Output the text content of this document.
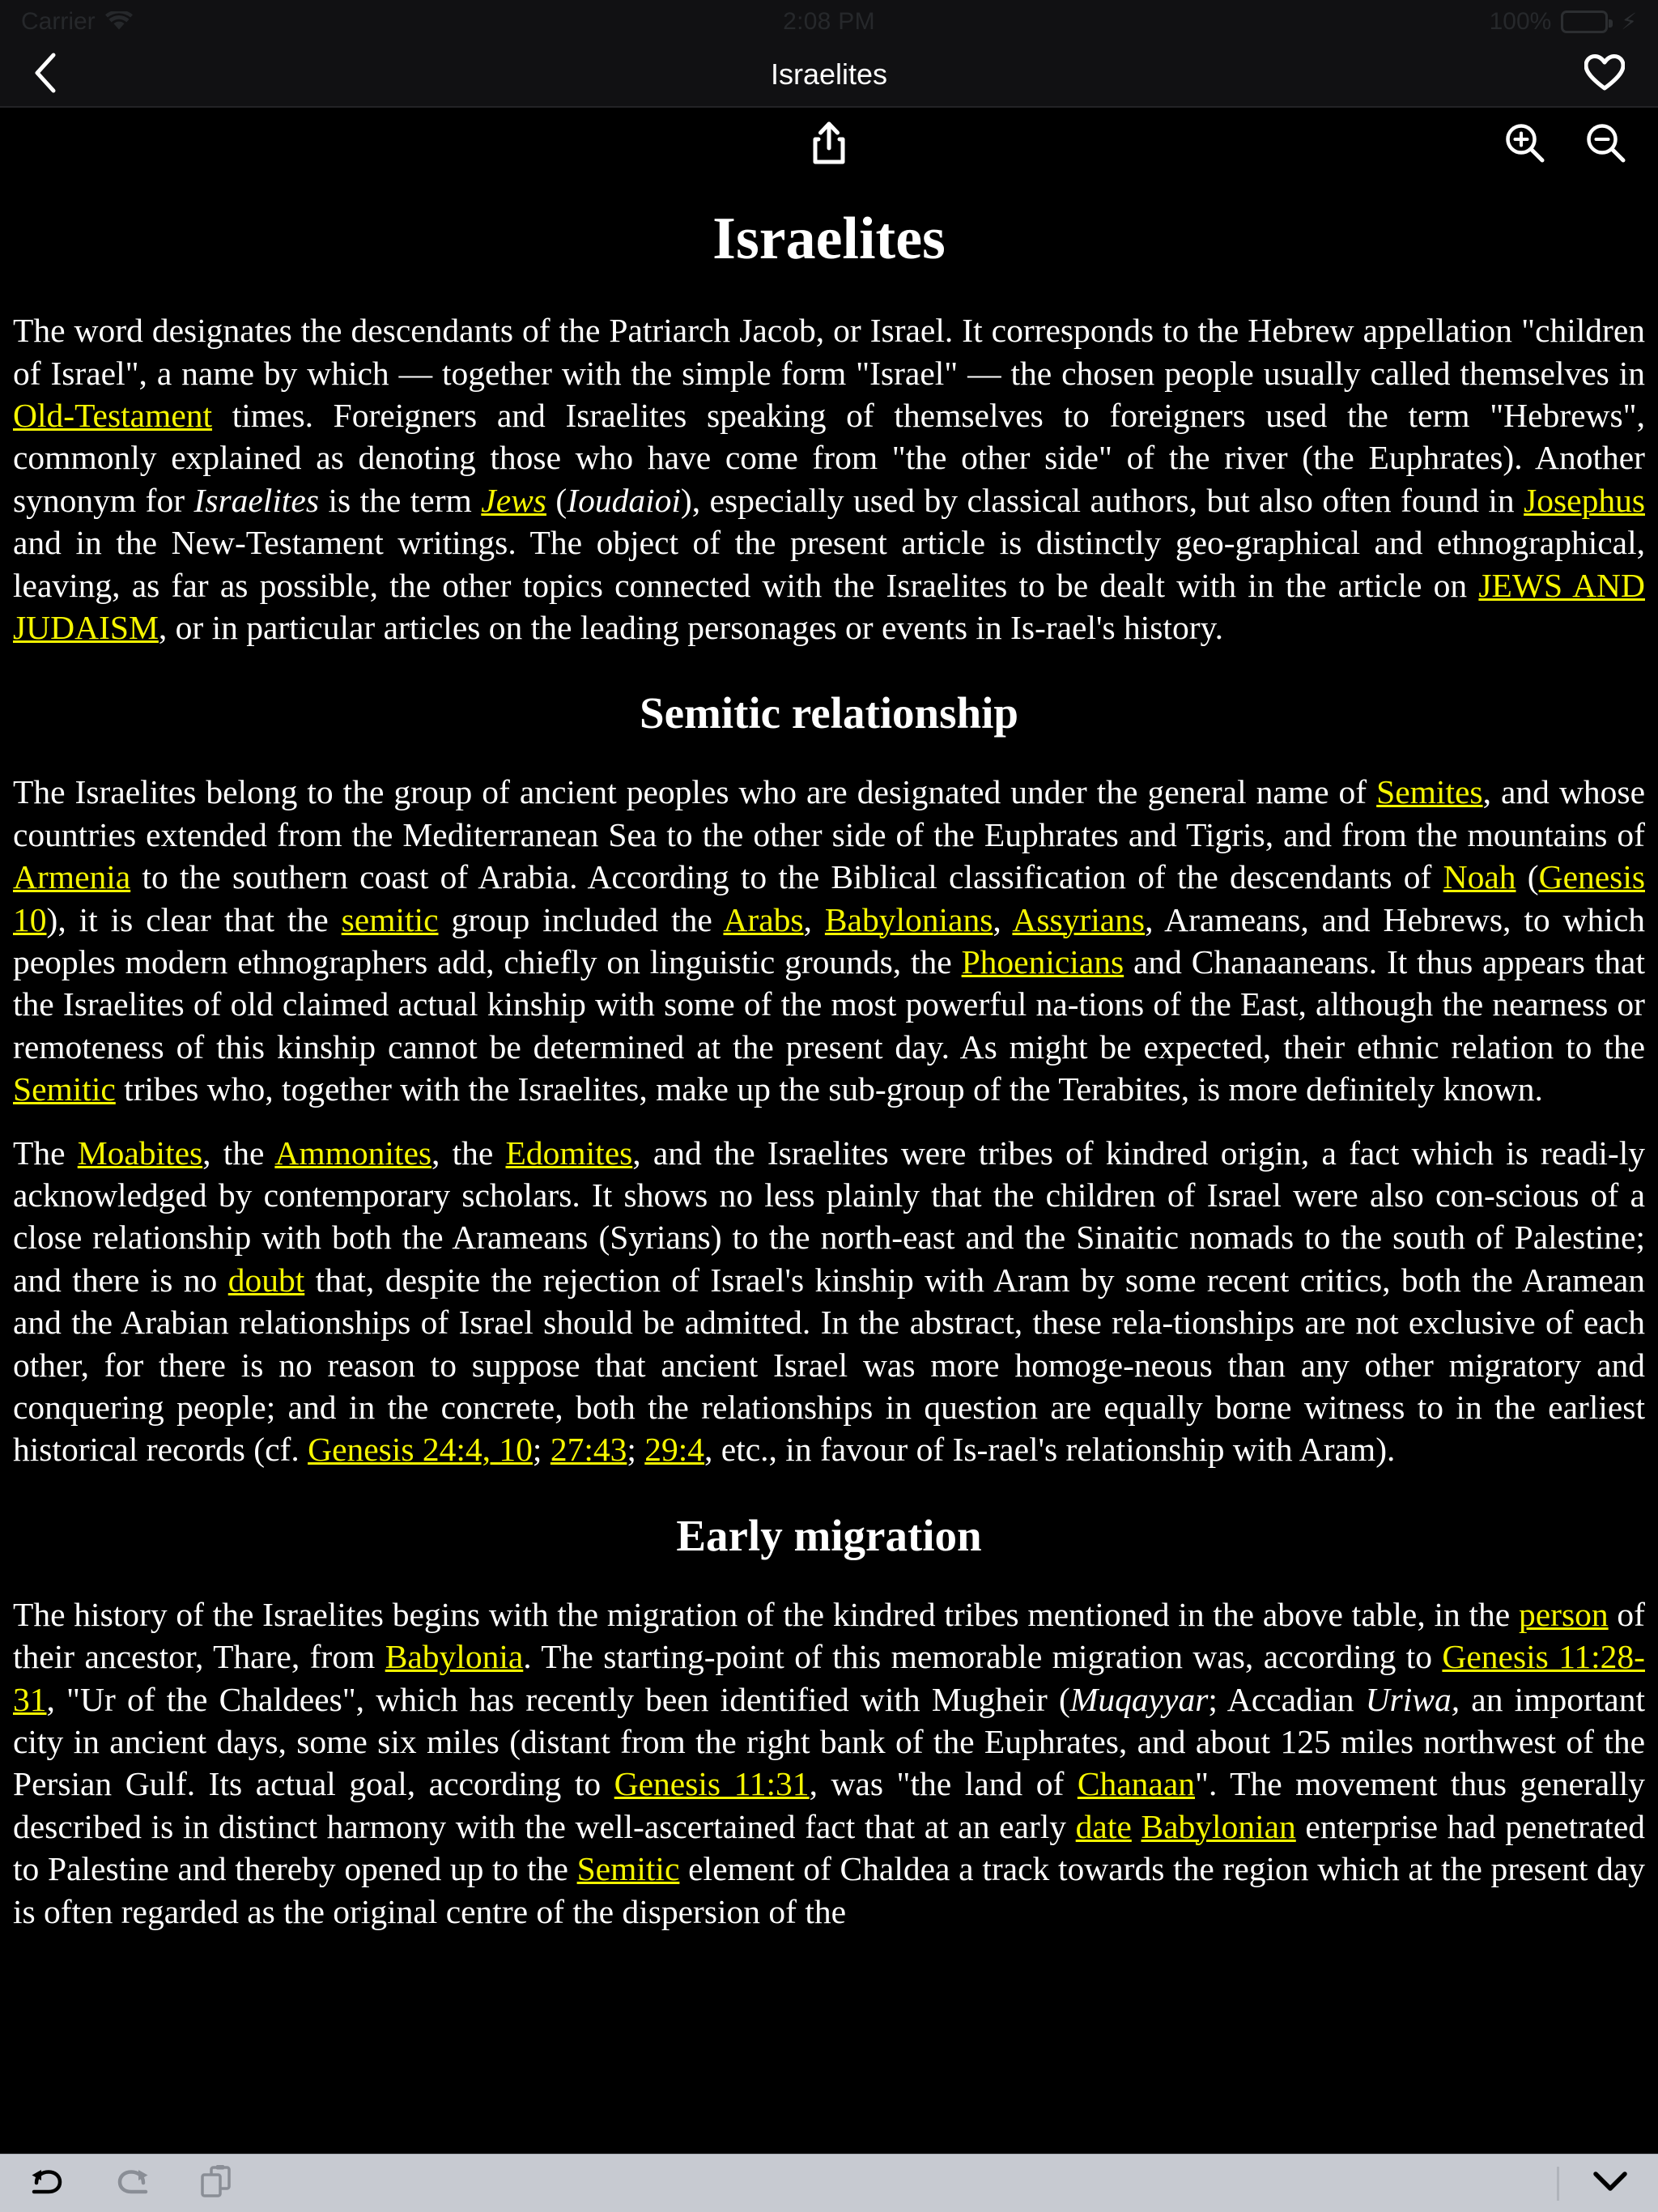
Carrier	2:08 PM	100%	⚡
Israelites
Israelites

The word designates the descendants of the Patriarch Jacob, or Israel. It corresponds to the Hebrew appellation "children of Israel", a name by which — together with the simple form "Israel" — the chosen people usually called themselves in Old-Testament times. Foreigners and Israelites speaking of themselves to foreigners used the term "Hebrews", commonly explained as denoting those who have come from "the other side" of the river (the Euphrates). Another synonym for Israelites is the term Jews (Ioudaioi), especially used by classical authors, but also often found in Josephus and in the New-Testament writings. The object of the present article is distinctly geo-graphical and ethnographical, leaving, as far as possible, the other topics connected with the Israelites to be dealt with in the article on JEWS AND JUDAISM, or in particular articles on the leading personages or events in Is-rael's history.

Semitic relationship

The Israelites belong to the group of ancient peoples who are designated under the general name of Semites, and whose countries extended from the Mediterranean Sea to the other side of the Euphrates and Tigris, and from the mountains of Armenia to the southern coast of Arabia. According to the Biblical classification of the descendants of Noah (Genesis 10), it is clear that the semitic group included the Arabs, Babylonians, Assyrians, Arameans, and Hebrews, to which peoples modern ethnographers add, chiefly on linguistic grounds, the Phoenicians and Chanaaneans. It thus appears that the Israelites of old claimed actual kinship with some of the most powerful na-tions of the East, although the nearness or remoteness of this kinship cannot be determined at the present day. As might be expected, their ethnic relation to the Semitic tribes who, together with the Israelites, make up the sub-group of the Terabites, is more definitely known.

The Moabites, the Ammonites, the Edomites, and the Israelites were tribes of kindred origin, a fact which is readi-ly acknowledged by contemporary scholars. It shows no less plainly that the children of Israel were also con-scious of a close relationship with both the Arameans (Syrians) to the north-east and the Sinaitic nomads to the south of Palestine; and there is no doubt that, despite the rejection of Israel's kinship with Aram by some recent critics, both the Aramean and the Arabian relationships of Israel should be admitted. In the abstract, these rela-tionships are not exclusive of each other, for there is no reason to suppose that ancient Israel was more homoge-neous than any other migratory and conquering people; and in the concrete, both the relationships in question are equally borne witness to in the earliest historical records (cf. Genesis 24:4, 10; 27:43; 29:4, etc., in favour of Is-rael's relationship with Aram).

Early migration

The history of the Israelites begins with the migration of the kindred tribes mentioned in the above table, in the person of their ancestor, Thare, from Babylonia. The starting-point of this memorable migration was, according to Genesis 11:28-31, "Ur of the Chaldees", which has recently been identified with Mugheir (Muqayyar; Accadian Uriwa, an important city in ancient days, some six miles (distant from the right bank of the Euphrates, and about 125 miles northwest of the Persian Gulf. Its actual goal, according to Genesis 11:31, was "the land of Chanaan". The movement thus generally described is in distinct harmony with the well-ascertained fact that at an early date Babylonian enterprise had penetrated to Palestine and thereby opened up to the Semitic element of Chaldea a track towards the region which at the present day is often regarded as the original centre of the dispersion of the
